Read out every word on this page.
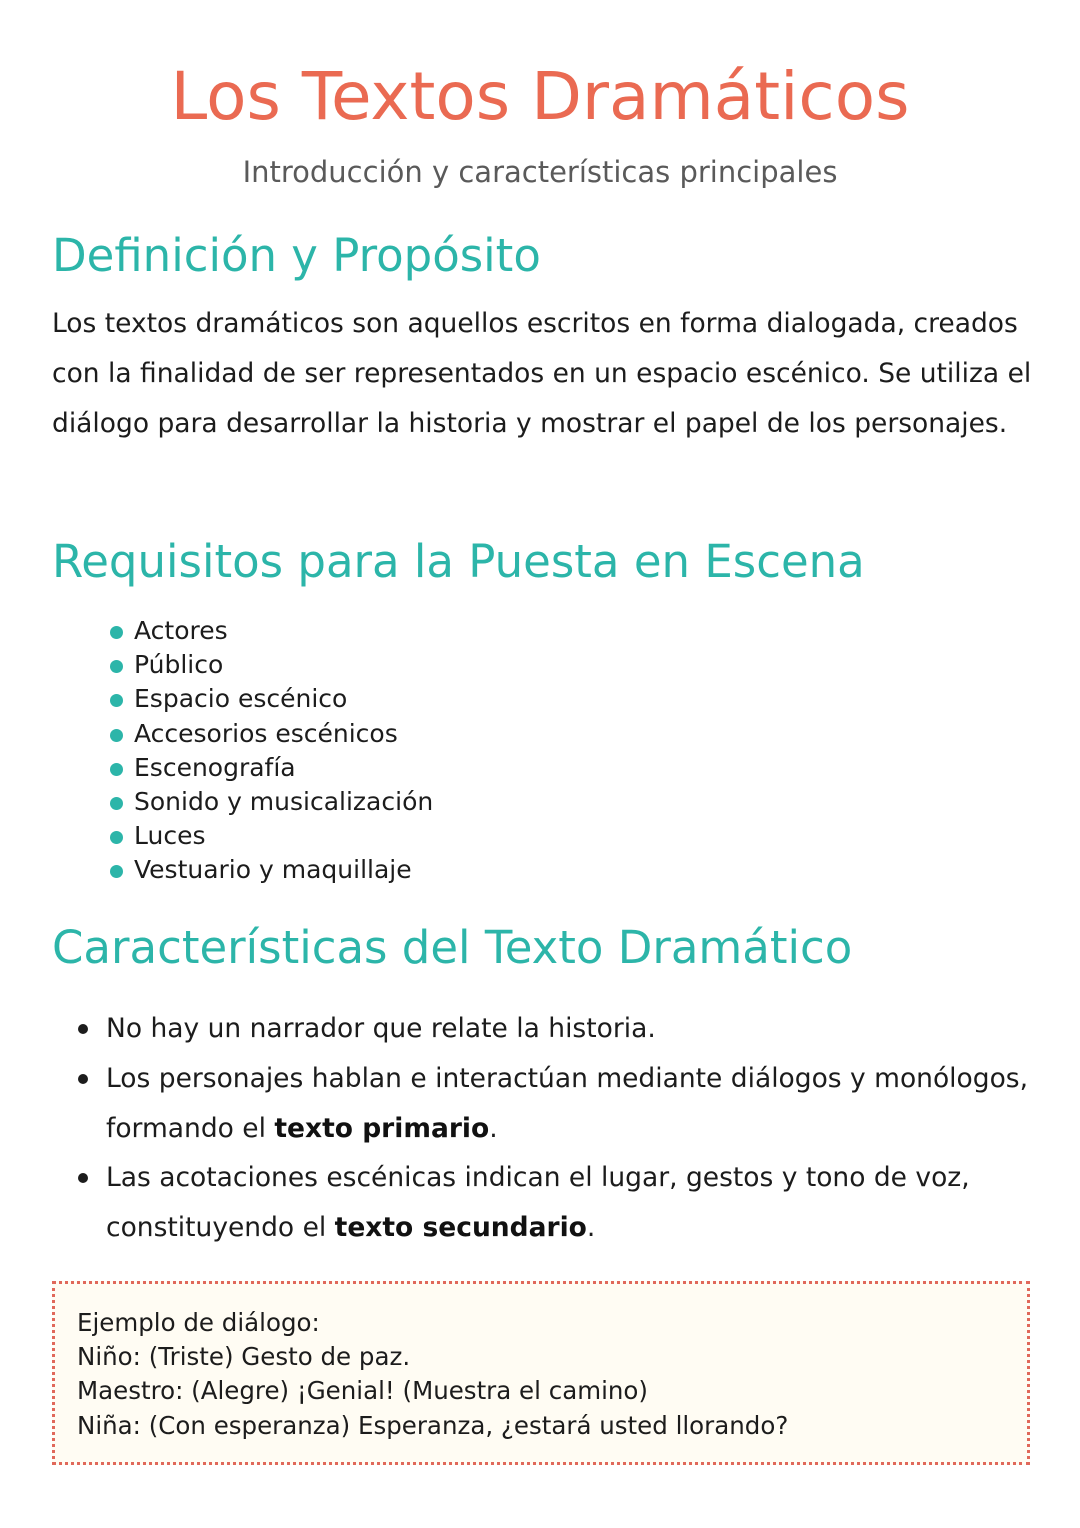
Los Textos Dramáticos

Introducción y características principales

Definición y Propósito

Los textos dramáticos son aquellos escritos en forma dialogada, creados con la finalidad de ser representados en un espacio escénico. Se utiliza el diálogo para desarrollar la historia y mostrar el papel de los personajes.

Requisitos para la Puesta en Escena
Actores
Público
Espacio escénico
Accesorios escénicos
Escenografía
Sonido y musicalización
Luces
Vestuario y maquillaje
Características del Texto Dramático
No hay un narrador que relate la historia.
Los personajes hablan e interactúan mediante diálogos y monólogos, formando el texto primario.
Las acotaciones escénicas indican el lugar, gestos y tono de voz, constituyendo el texto secundario.
Ejemplo de diálogo:
Niño: (Triste) Gesto de paz.
Maestro: (Alegre) ¡Genial! (Muestra el camino)
Niña: (Con esperanza) Esperanza, ¿estará usted llorando?
